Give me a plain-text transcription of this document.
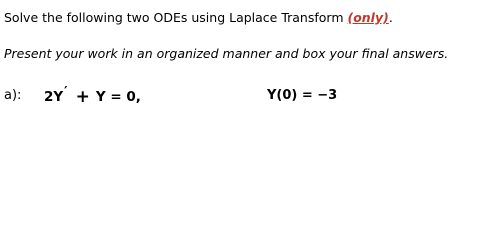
Solve the following two ODEs using Laplace Transform (only).
Present your work in an organized manner and box your final answers.
a): 2Y′ + Y = 0,	Y(0) = −3
